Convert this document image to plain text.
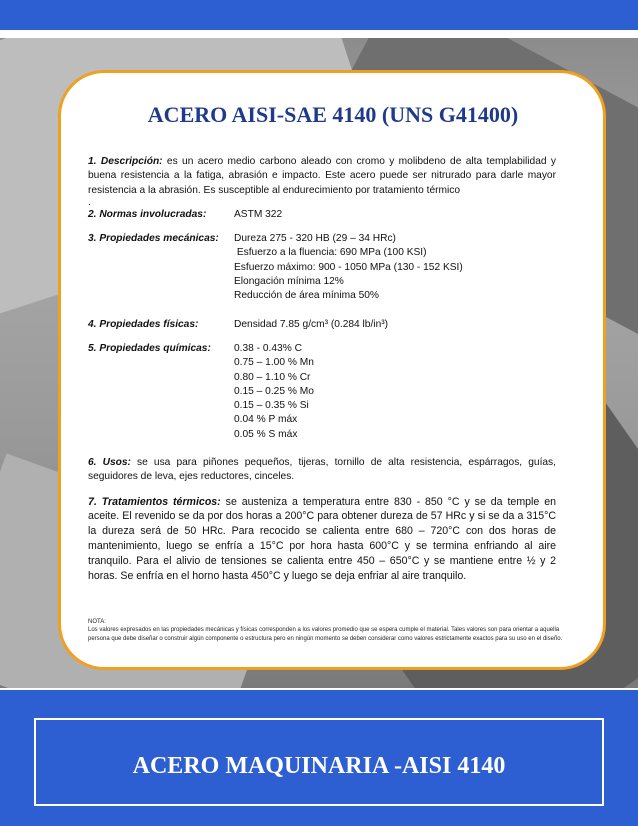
ACERO AISI-SAE 4140 (UNS G41400)

1. Descripción: es un acero medio carbono aleado con cromo y molibdeno de alta templabilidad y buena resistencia a la fatiga, abrasión e impacto. Este acero puede ser nitrurado para darle mayor resistencia a la abrasión. Es susceptible al endurecimiento por tratamiento térmico

.

2. Normas involucradas:	ASTM 322
3. Propiedades mecánicas:	Dureza 275 - 320 HB (29 – 34 HRc)
Esfuerzo a la fluencia: 690 MPa (100 KSI)
Esfuerzo máximo: 900 - 1050 MPa (130 - 152 KSI)
Elongación mínima 12%
Reducción de área mínima 50%
4. Propiedades físicas:	Densidad 7.85 g/cm³ (0.284 lb/in³)
5. Propiedades químicas:	0.38 - 0.43% C
0.75 – 1.00 % Mn
0.80 – 1.10 % Cr
0.15 – 0.25 % Mo
0.15 – 0.35 % Si
0.04 % P máx
0.05 % S máx

6. Usos: se usa para piñones pequeños, tijeras, tornillo de alta resistencia, espárragos, guías, seguidores de leva, ejes reductores, cinceles.

7. Tratamientos térmicos: se austeniza a temperatura entre 830 - 850 °C y se da temple en aceite. El revenido se da por dos horas a 200°C para obtener dureza de 57 HRc y si se da a 315°C la dureza será de 50 HRc. Para recocido se calienta entre 680 – 720°C con dos horas de mantenimiento, luego se enfría a 15°C por hora hasta 600°C y se termina enfriando al aire tranquilo. Para el alivio de tensiones se calienta entre 450 – 650°C y se mantiene entre ½ y 2 horas. Se enfría en el horno hasta 450°C y luego se deja enfriar al aire tranquilo.

NOTA:

Los valores expresados en las propiedades mecánicas y físicas corresponden a los valores promedio que se espera cumple el material. Tales valores son para orientar a aquella persona que debe diseñar o construir algún componente o estructura pero en ningún momento se deben considerar como valores estrictamente exactos para su uso en el diseño.

ACERO MAQUINARIA -AISI 4140
